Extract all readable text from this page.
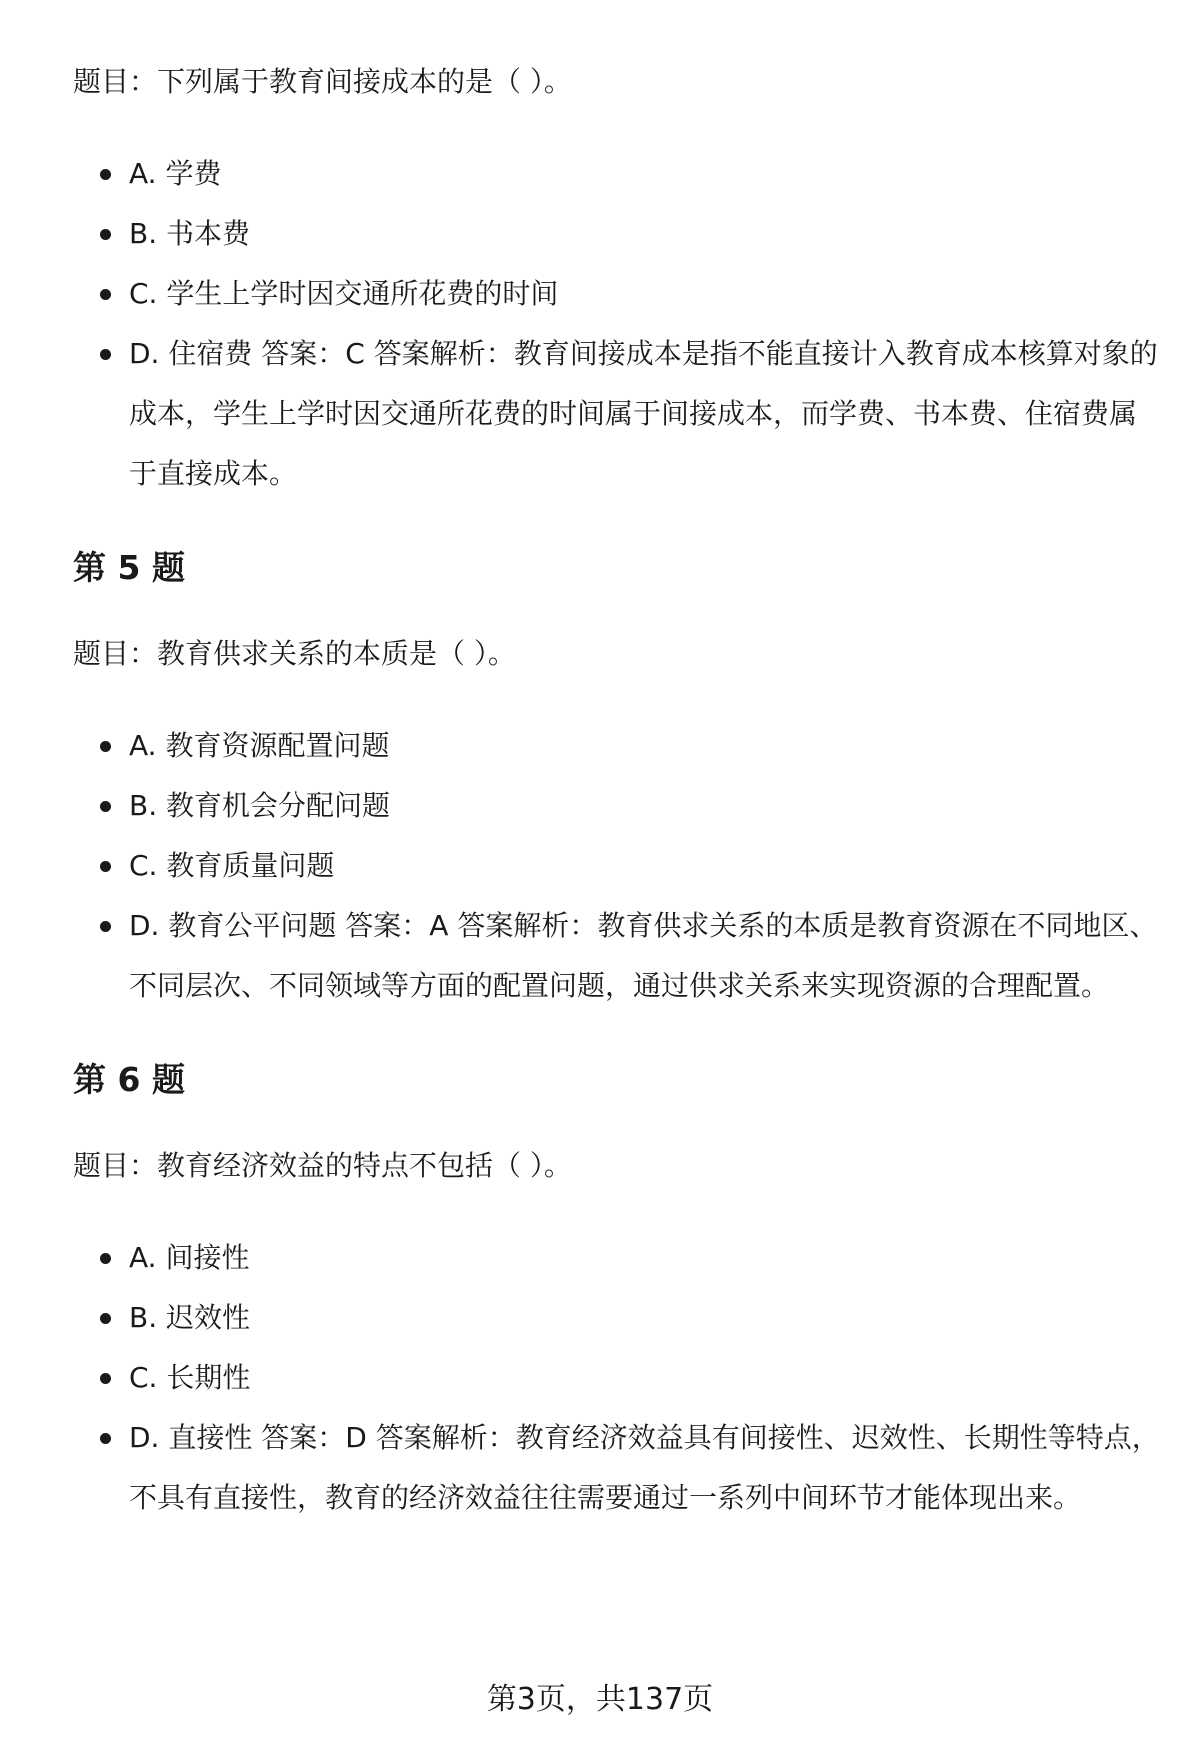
题目：下列属于教育间接成本的是（ ）。

A. 学费
B. 书本费
C. 学生上学时因交通所花费的时间
D. 住宿费 答案：C 答案解析：教育间接成本是指不能直接计入教育成本核算对象的成本，学生上学时因交通所花费的时间属于间接成本，而学费、书本费、住宿费属于直接成本。
第 5 题

题目：教育供求关系的本质是（ ）。

A. 教育资源配置问题
B. 教育机会分配问题
C. 教育质量问题
D. 教育公平问题 答案：A 答案解析：教育供求关系的本质是教育资源在不同地区、不同层次、不同领域等方面的配置问题，通过供求关系来实现资源的合理配置。
第 6 题

题目：教育经济效益的特点不包括（ ）。

A. 间接性
B. 迟效性
C. 长期性
D. 直接性 答案：D 答案解析：教育经济效益具有间接性、迟效性、长期性等特点，不具有直接性，教育的经济效益往往需要通过一系列中间环节才能体现出来。
第3页，共137页
